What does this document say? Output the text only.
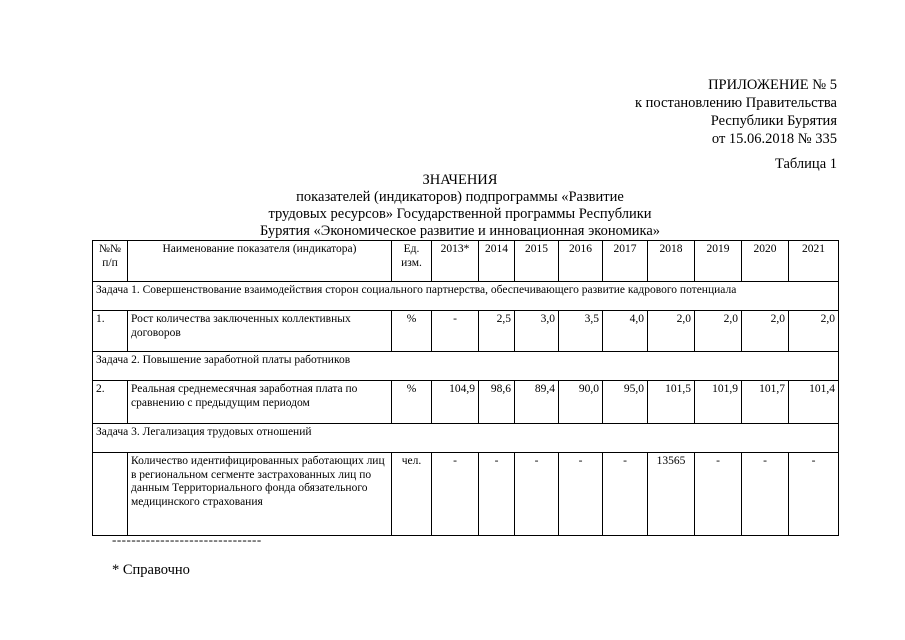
ПРИЛОЖЕНИЕ № 5
к постановлению Правительства
Республики Бурятия
от 15.06.2018 № 335
Таблица 1
ЗНАЧЕНИЯ
показателей (индикаторов) подпрограммы «Развитие
трудовых ресурсов» Государственной программы Республики
Бурятия «Экономическое развитие и инновационная экономика»
№№ п/п	Наименование показателя (индикатора)	Ед. изм.	2013*	2014	2015	2016	2017	2018	2019	2020	2021
Задача 1. Совершенствование взаимодействия сторон социального партнерства, обеспечивающего развитие кадрового потенциала											
1.	Рост количества заключенных коллективных договоров	%	-	2,5	3,0	3,5	4,0	2,0	2,0	2,0	2,0
Задача 2. Повышение заработной платы работников											
2.	Реальная среднемесячная заработная плата по сравнению с предыдущим периодом	%	104,9	98,6	89,4	90,0	95,0	101,5	101,9	101,7	101,4
Задача 3. Легализация трудовых отношений											
	Количество идентифицированных работающих лиц в региональном сегменте застрахованных лиц по данным Территориального фонда обязательного медицинского страхования	чел.	-	-	-	-	-	13565	-	-	-
-------------------------------
* Справочно
